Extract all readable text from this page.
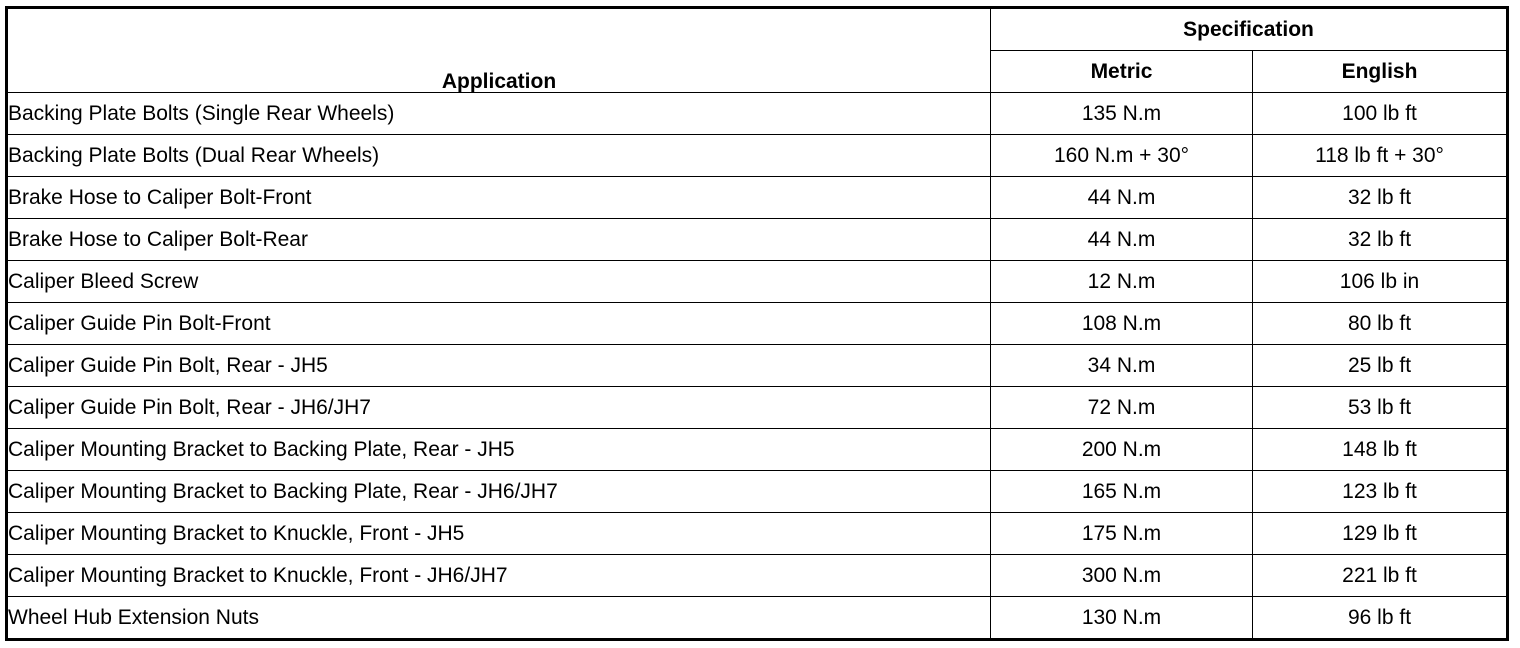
Application	Specification	
	Metric	English
Backing Plate Bolts (Single Rear Wheels)	135 N.m	100 lb ft
Backing Plate Bolts (Dual Rear Wheels)	160 N.m + 30°	118 lb ft + 30°
Brake Hose to Caliper Bolt-Front	44 N.m	32 lb ft
Brake Hose to Caliper Bolt-Rear	44 N.m	32 lb ft
Caliper Bleed Screw	12 N.m	106 lb in
Caliper Guide Pin Bolt-Front	108 N.m	80 lb ft
Caliper Guide Pin Bolt, Rear - JH5	34 N.m	25 lb ft
Caliper Guide Pin Bolt, Rear - JH6/JH7	72 N.m	53 lb ft
Caliper Mounting Bracket to Backing Plate, Rear - JH5	200 N.m	148 lb ft
Caliper Mounting Bracket to Backing Plate, Rear - JH6/JH7	165 N.m	123 lb ft
Caliper Mounting Bracket to Knuckle, Front - JH5	175 N.m	129 lb ft
Caliper Mounting Bracket to Knuckle, Front - JH6/JH7	300 N.m	221 lb ft
Wheel Hub Extension Nuts	130 N.m	96 lb ft
